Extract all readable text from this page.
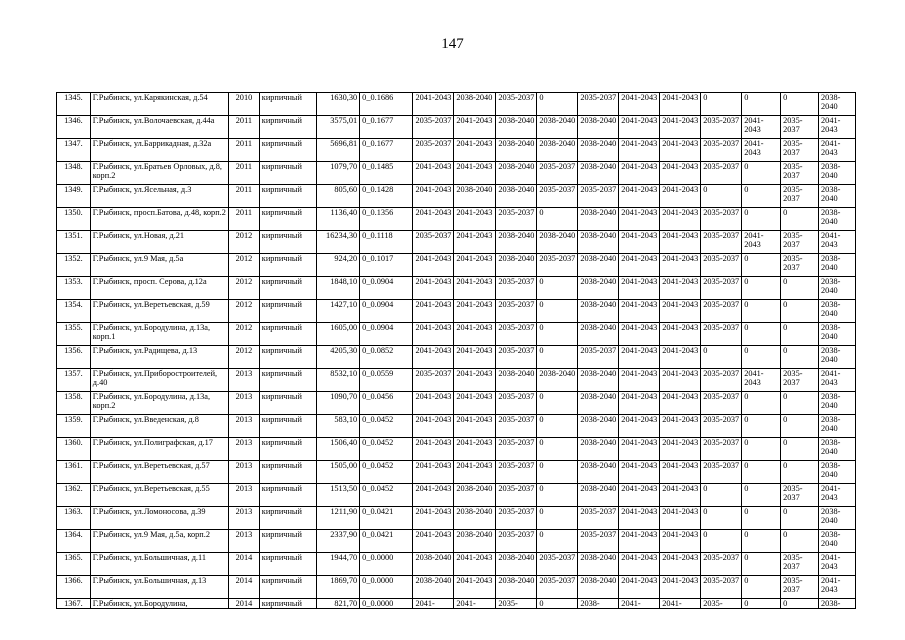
147
1345.	Г.Рыбинск, ул.Карякинская, д.54	2010	кирпичный	1630,30	0_0.1686	2041-2043	2038-2040	2035-2037	0	2035-2037	2041-2043	2041-2043	0	0	0	2038-2040
1346.	Г.Рыбинск, ул.Волочаевская, д.44а	2011	кирпичный	3575,01	0_0.1677	2035-2037	2041-2043	2038-2040	2038-2040	2038-2040	2041-2043	2041-2043	2035-2037	2041-2043	2035-2037	2041-2043
1347.	Г.Рыбинск, ул.Баррикадная, д.32а	2011	кирпичный	5696,81	0_0.1677	2035-2037	2041-2043	2038-2040	2038-2040	2038-2040	2041-2043	2041-2043	2035-2037	2041-2043	2035-2037	2041-2043
1348.	Г.Рыбинск, ул.Братьев Орловых, д.8, корп.2	2011	кирпичный	1079,70	0_0.1485	2041-2043	2041-2043	2038-2040	2035-2037	2038-2040	2041-2043	2041-2043	2035-2037	0	2035-2037	2038-2040
1349.	Г.Рыбинск, ул.Ясельная, д.3	2011	кирпичный	805,60	0_0.1428	2041-2043	2038-2040	2038-2040	2035-2037	2035-2037	2041-2043	2041-2043	0	0	2035-2037	2038-2040
1350.	Г.Рыбинск, просп.Батова, д.48, корп.2	2011	кирпичный	1136,40	0_0.1356	2041-2043	2041-2043	2035-2037	0	2038-2040	2041-2043	2041-2043	2035-2037	0	0	2038-2040
1351.	Г.Рыбинск, ул.Новая, д.21	2012	кирпичный	16234,30	0_0.1118	2035-2037	2041-2043	2038-2040	2038-2040	2038-2040	2041-2043	2041-2043	2035-2037	2041-2043	2035-2037	2041-2043
1352.	Г.Рыбинск, ул.9 Мая, д.5а	2012	кирпичный	924,20	0_0.1017	2041-2043	2041-2043	2038-2040	2035-2037	2038-2040	2041-2043	2041-2043	2035-2037	0	2035-2037	2038-2040
1353.	Г.Рыбинск, просп. Серова, д.12а	2012	кирпичный	1848,10	0_0.0904	2041-2043	2041-2043	2035-2037	0	2038-2040	2041-2043	2041-2043	2035-2037	0	0	2038-2040
1354.	Г.Рыбинск, ул.Веретьевская, д.59	2012	кирпичный	1427,10	0_0.0904	2041-2043	2041-2043	2035-2037	0	2038-2040	2041-2043	2041-2043	2035-2037	0	0	2038-2040
1355.	Г.Рыбинск, ул.Бородулина, д.13а, корп.1	2012	кирпичный	1605,00	0_0.0904	2041-2043	2041-2043	2035-2037	0	2038-2040	2041-2043	2041-2043	2035-2037	0	0	2038-2040
1356.	Г.Рыбинск, ул.Радищева, д.13	2012	кирпичный	4205,30	0_0.0852	2041-2043	2041-2043	2035-2037	0	2035-2037	2041-2043	2041-2043	0	0	0	2038-2040
1357.	Г.Рыбинск, ул.Приборостроителей, д.40	2013	кирпичный	8532,10	0_0.0559	2035-2037	2041-2043	2038-2040	2038-2040	2038-2040	2041-2043	2041-2043	2035-2037	2041-2043	2035-2037	2041-2043
1358.	Г.Рыбинск, ул.Бородулина, д.13а, корп.2	2013	кирпичный	1090,70	0_0.0456	2041-2043	2041-2043	2035-2037	0	2038-2040	2041-2043	2041-2043	2035-2037	0	0	2038-2040
1359.	Г.Рыбинск, ул.Введенская, д.8	2013	кирпичный	583,10	0_0.0452	2041-2043	2041-2043	2035-2037	0	2038-2040	2041-2043	2041-2043	2035-2037	0	0	2038-2040
1360.	Г.Рыбинск, ул.Полиграфская, д.17	2013	кирпичный	1506,40	0_0.0452	2041-2043	2041-2043	2035-2037	0	2038-2040	2041-2043	2041-2043	2035-2037	0	0	2038-2040
1361.	Г.Рыбинск, ул.Веретьевская, д.57	2013	кирпичный	1505,00	0_0.0452	2041-2043	2041-2043	2035-2037	0	2038-2040	2041-2043	2041-2043	2035-2037	0	0	2038-2040
1362.	Г.Рыбинск, ул.Веретьевская, д.55	2013	кирпичный	1513,50	0_0.0452	2041-2043	2038-2040	2035-2037	0	2038-2040	2041-2043	2041-2043	0	0	2035-2037	2041-2043
1363.	Г.Рыбинск, ул.Ломоносова, д.39	2013	кирпичный	1211,90	0_0.0421	2041-2043	2038-2040	2035-2037	0	2035-2037	2041-2043	2041-2043	0	0	0	2038-2040
1364.	Г.Рыбинск, ул.9 Мая, д.5а, корп.2	2013	кирпичный	2337,90	0_0.0421	2041-2043	2038-2040	2035-2037	0	2035-2037	2041-2043	2041-2043	0	0	0	2038-2040
1365.	Г.Рыбинск, ул.Большичная, д.11	2014	кирпичный	1944,70	0_0.0000	2038-2040	2041-2043	2038-2040	2035-2037	2038-2040	2041-2043	2041-2043	2035-2037	0	2035-2037	2041-2043
1366.	Г.Рыбинск, ул.Большичная, д.13	2014	кирпичный	1869,70	0_0.0000	2038-2040	2041-2043	2038-2040	2035-2037	2038-2040	2041-2043	2041-2043	2035-2037	0	2035-2037	2041-2043
1367.	Г.Рыбинск, ул.Бородулина,	2014	кирпичный	821,70	0_0.0000	2041-	2041-	2035-	0	2038-	2041-	2041-	2035-	0	0	2038-
